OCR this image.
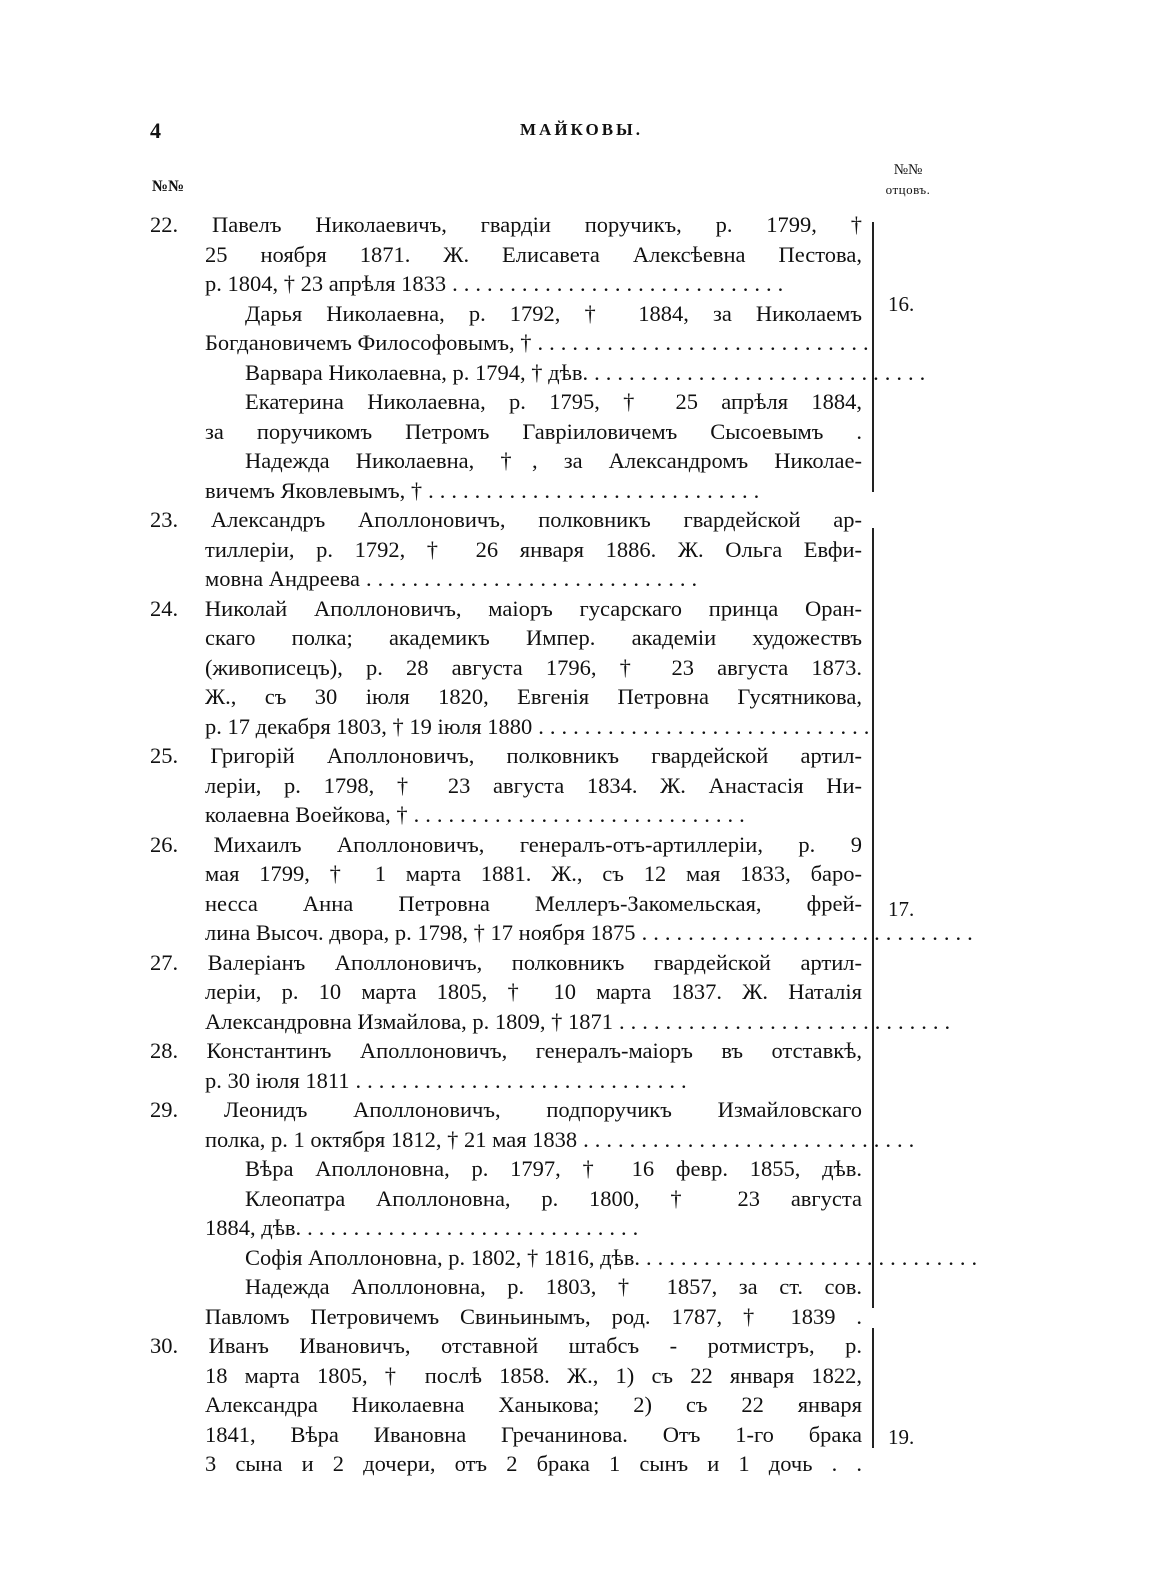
4	МАЙКОВЫ.
№№
№№
отцовъ.
22. Павелъ Николаевичъ, гвардіи поручикъ, р. 1799, †
25 ноября 1871. Ж. Елисавета Алексѣевна Пестова,
р. 1804, † 23 апрѣля 1833 .............................
Дарья Николаевна, р. 1792, † 1884, за Николаемъ
Богдановичемъ Философовымъ, † .............................
Варвара Николаевна, р. 1794, † дѣв. .............................
Екатерина Николаевна, р. 1795, † 25 апрѣля 1884,
за поручикомъ Петромъ Гавріиловичемъ Сысоевымъ .
Надежда Николаевна, †, за Александромъ Николае-
вичемъ Яковлевымъ, † .............................
23. Александръ Аполлоновичъ, полковникъ гвардейской ар-
тиллеріи, р. 1792, † 26 января 1886. Ж. Ольга Евфи-
мовна Андреева .............................
24. Николай Аполлоновичъ, маіоръ гусарскаго принца Оран-
скаго полка; академикъ Импер. академіи художествъ
(живописецъ), р. 28 августа 1796, † 23 августа 1873.
Ж., съ 30 іюля 1820, Евгенія Петровна Гусятникова,
р. 17 декабря 1803, † 19 іюля 1880 .............................
25. Григорій Аполлоновичъ, полковникъ гвардейской артил-
леріи, р. 1798, † 23 августа 1834. Ж. Анастасія Ни-
колаевна Воейкова, † .............................
26. Михаилъ Аполлоновичъ, генералъ-отъ-артиллеріи, р. 9
мая 1799, † 1 марта 1881. Ж., съ 12 мая 1833, баро-
несса Анна Петровна Меллеръ-Закомельская, фрей-
лина Высоч. двора, р. 1798, † 17 ноября 1875 .............................
27. Валеріанъ Аполлоновичъ, полковникъ гвардейской артил-
леріи, р. 10 марта 1805, † 10 марта 1837. Ж. Наталія
Александровна Измайлова, р. 1809, † 1871 .............................
28. Константинъ Аполлоновичъ, генералъ-маіоръ въ отставкѣ,
р. 30 іюля 1811 .............................
29. Леонидъ Аполлоновичъ, подпоручикъ Измайловскаго
полка, р. 1 октября 1812, † 21 мая 1838 .............................
Вѣра Аполлоновна, р. 1797, † 16 февр. 1855, дѣв.
Клеопатра Аполлоновна, р. 1800, † 23 августа
1884, дѣв. .............................
Софія Аполлоновна, р. 1802, † 1816, дѣв. .............................
Надежда Аполлоновна, р. 1803, † 1857, за ст. сов.
Павломъ Петровичемъ Свиньинымъ, род. 1787, † 1839 .
30. Иванъ Ивановичъ, отставной штабсъ - ротмистръ, р.
18 марта 1805, † послѣ 1858. Ж., 1) съ 22 января 1822,
Александра Николаевна Ханыкова; 2) съ 22 января
1841, Вѣра Ивановна Гречанинова. Отъ 1-го брака
3 сына и 2 дочери, отъ 2 брака 1 сынъ и 1 дочь . .
16.
17.
19.
